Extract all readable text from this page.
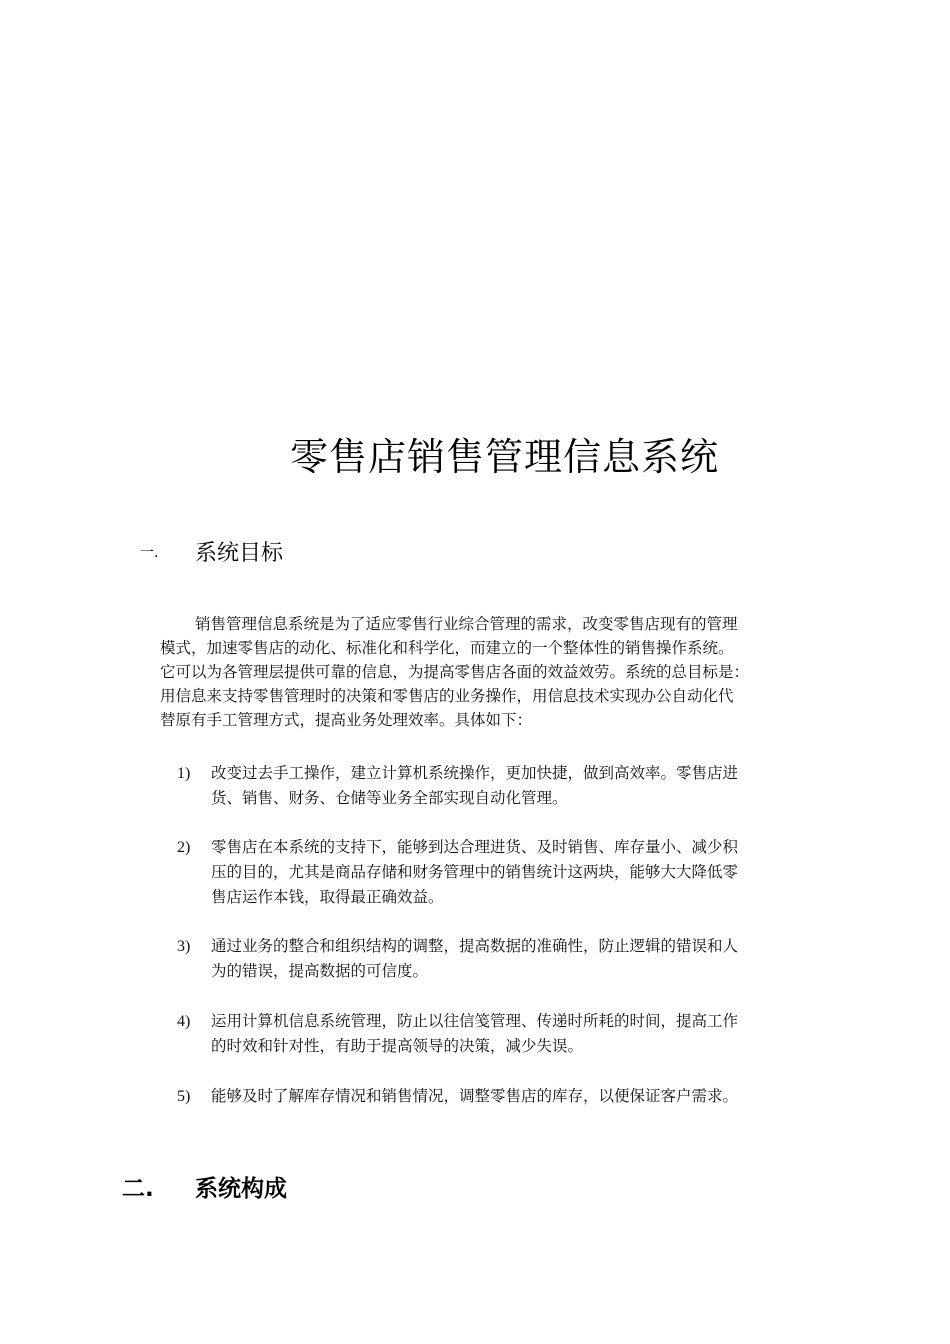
零售店销售管理信息系统
一. 系统目标
销售管理信息系统是为了适应零售行业综合管理的需求，改变零售店现有的管理
模式，加速零售店的动化、标准化和科学化，而建立的一个整体性的销售操作系统。
它可以为各管理层提供可靠的信息，为提高零售店各面的效益效劳。系统的总目标是：
用信息来支持零售管理时的决策和零售店的业务操作，用信息技术实现办公自动化代
替原有手工管理方式，提高业务处理效率。具体如下：
1) 改变过去手工操作，建立计算机系统操作，更加快捷，做到高效率。零售店进
货、销售、财务、仓储等业务全部实现自动化管理。
2) 零售店在本系统的支持下，能够到达合理进货、及时销售、库存量小、减少积
压的目的，尤其是商品存储和财务管理中的销售统计这两块，能够大大降低零
售店运作本钱，取得最正确效益。
3) 通过业务的整合和组织结构的调整，提高数据的准确性，防止逻辑的错误和人
为的错误，提高数据的可信度。
4) 运用计算机信息系统管理，防止以往信笺管理、传递时所耗的时间，提高工作
的时效和针对性，有助于提高领导的决策，减少失误。
5) 能够及时了解库存情况和销售情况，调整零售店的库存，以便保证客户需求。
二. 系统构成
